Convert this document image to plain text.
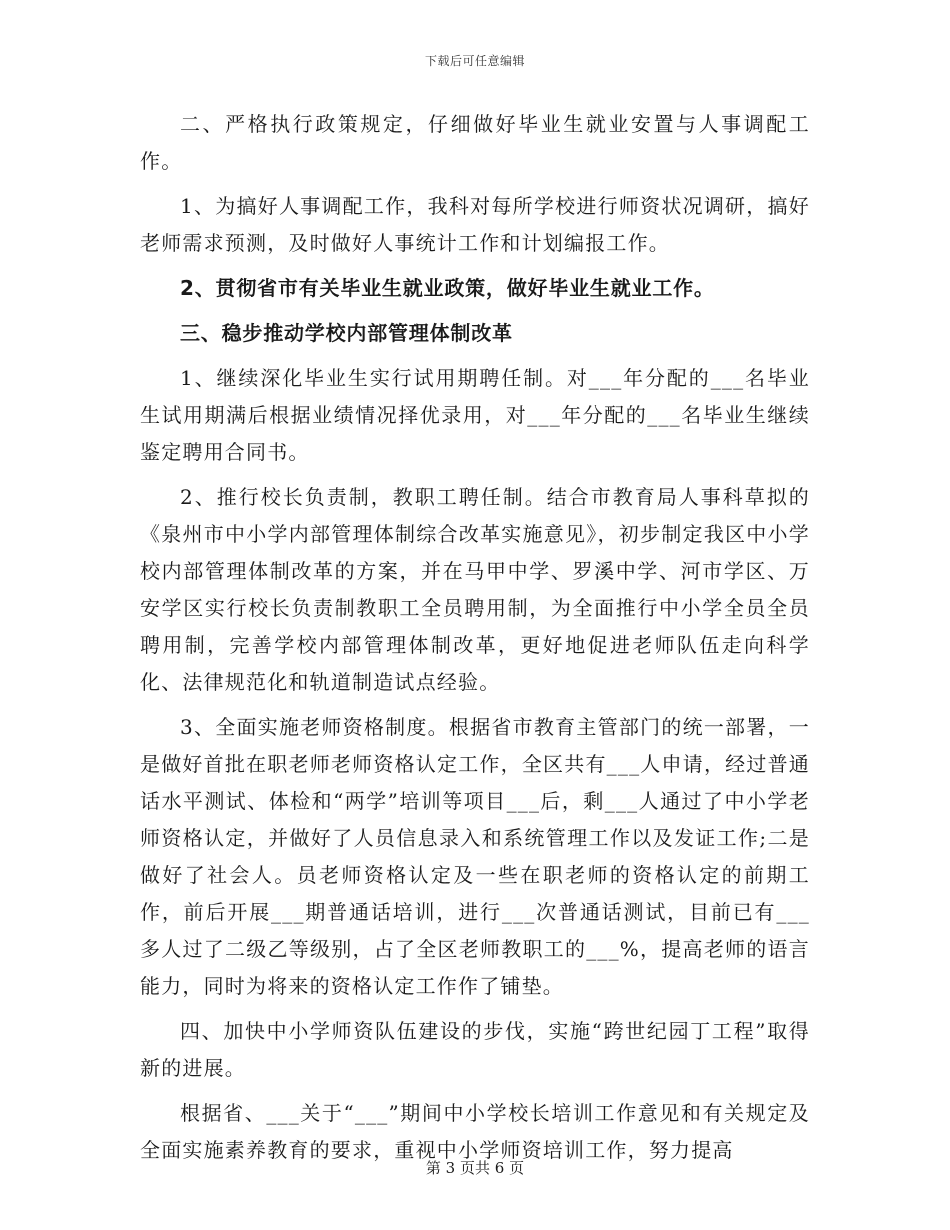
下载后可任意编辑

二、严格执行政策规定，仔细做好毕业生就业安置与人事调配工作。

1、为搞好人事调配工作，我科对每所学校进行师资状况调研，搞好老师需求预测，及时做好人事统计工作和计划编报工作。

2、贯彻省市有关毕业生就业政策，做好毕业生就业工作。

三、稳步推动学校内部管理体制改革

1、继续深化毕业生实行试用期聘任制。对___年分配的___名毕业生试用期满后根据业绩情况择优录用，对___年分配的___名毕业生继续鉴定聘用合同书。

2、推行校长负责制，教职工聘任制。结合市教育局人事科草拟的《泉州市中小学内部管理体制综合改革实施意见》，初步制定我区中小学校内部管理体制改革的方案，并在马甲中学、罗溪中学、河市学区、万安学区实行校长负责制教职工全员聘用制，为全面推行中小学全员全员聘用制，完善学校内部管理体制改革，更好地促进老师队伍走向科学化、法律规范化和轨道制造试点经验。

3、全面实施老师资格制度。根据省市教育主管部门的统一部署，一是做好首批在职老师老师资格认定工作，全区共有___人申请，经过普通话水平测试、体检和“两学”培训等项目___后，剩___人通过了中小学老师资格认定，并做好了人员信息录入和系统管理工作以及发证工作;二是做好了社会人。员老师资格认定及一些在职老师的资格认定的前期工作，前后开展___期普通话培训，进行___次普通话测试，目前已有___多人过了二级乙等级别，占了全区老师教职工的___%，提高老师的语言能力，同时为将来的资格认定工作作了铺垫。

四、加快中小学师资队伍建设的步伐，实施“跨世纪园丁工程”取得新的进展。

根据省、___关于“___”期间中小学校长培训工作意见和有关规定及全面实施素养教育的要求，重视中小学师资培训工作，努力提高

第 3 页共 6 页
